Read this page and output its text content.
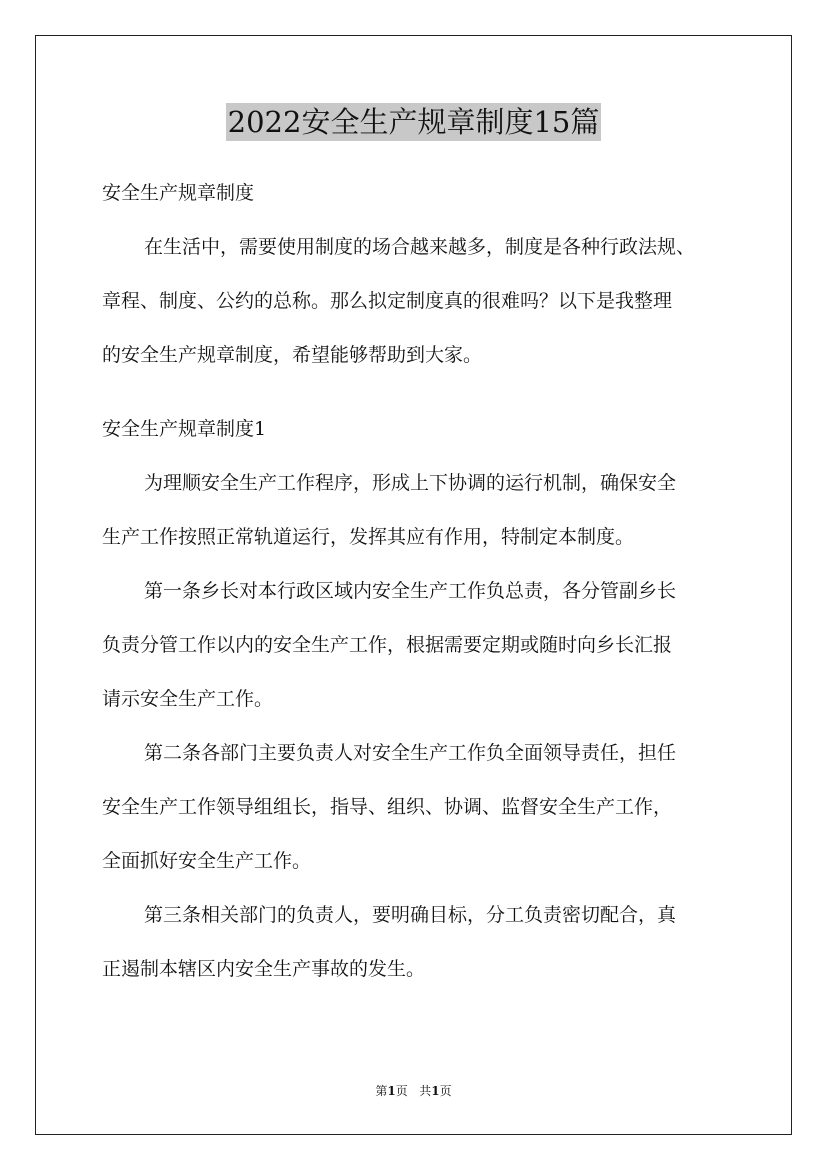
2022安全生产规章制度15篇
安全生产规章制度
在生活中，需要使用制度的场合越来越多，制度是各种行政法规、
章程、制度、公约的总称。那么拟定制度真的很难吗？以下是我整理
的安全生产规章制度，希望能够帮助到大家。
安全生产规章制度1
为理顺安全生产工作程序，形成上下协调的运行机制，确保安全
生产工作按照正常轨道运行，发挥其应有作用，特制定本制度。
第一条乡长对本行政区域内安全生产工作负总责，各分管副乡长
负责分管工作以内的安全生产工作，根据需要定期或随时向乡长汇报
请示安全生产工作。
第二条各部门主要负责人对安全生产工作负全面领导责任，担任
安全生产工作领导组组长，指导、组织、协调、监督安全生产工作，
全面抓好安全生产工作。
第三条相关部门的负责人，要明确目标，分工负责密切配合，真
正遏制本辖区内安全生产事故的发生。
第1页 共1页
